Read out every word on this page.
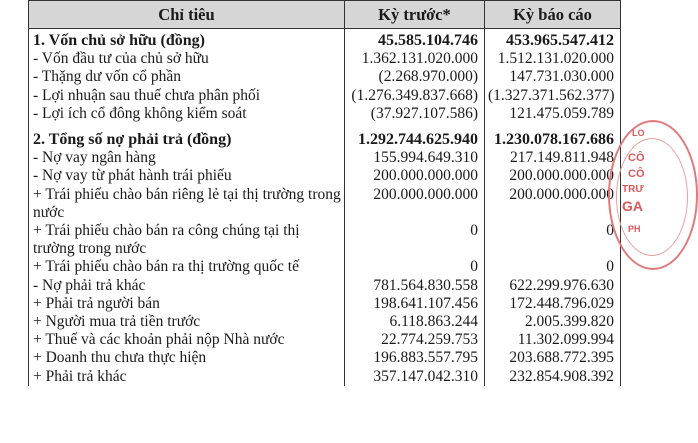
Chỉ tiêu	Kỳ trước*	Kỳ báo cáo
1. Vốn chủ sở hữu (đồng)	45.585.104.746	453.965.547.412
- Vốn đầu tư của chủ sở hữu	1.362.131.020.000	1.512.131.020.000
- Thặng dư vốn cổ phần	(2.268.970.000)	147.731.030.000
- Lợi nhuận sau thuế chưa phân phối	(1.276.349.837.668)	(1.327.371.562.377)
- Lợi ích cổ đông không kiểm soát	(37.927.107.586)	121.475.059.789

2. Tổng số nợ phải trả (đồng)	1.292.744.625.940	1.230.078.167.686
- Nợ vay ngân hàng	155.994.649.310	217.149.811.948
- Nợ vay từ phát hành trái phiếu	200.000.000.000	200.000.000.000
+ Trái phiếu chào bán riêng lẻ tại thị trường trong nước	200.000.000.000	200.000.000.000
+ Trái phiếu chào bán ra công chúng tại thị trường trong nước	0	0
+ Trái phiếu chào bán ra thị trường quốc tế	0	0
- Nợ phải trả khác	781.564.830.558	622.299.976.630
+ Phải trả người bán	198.641.107.456	172.448.796.029
+ Người mua trả tiền trước	6.118.863.244	2.005.399.820
+ Thuế và các khoản phải nộp Nhà nước	22.774.259.753	11.302.099.994
+ Doanh thu chưa thực hiện	196.883.557.795	203.688.772.395
+ Phải trả khác	357.147.042.310	232.854.908.392
LO
CÔ
CÔ
TRƯ
GA
PH
